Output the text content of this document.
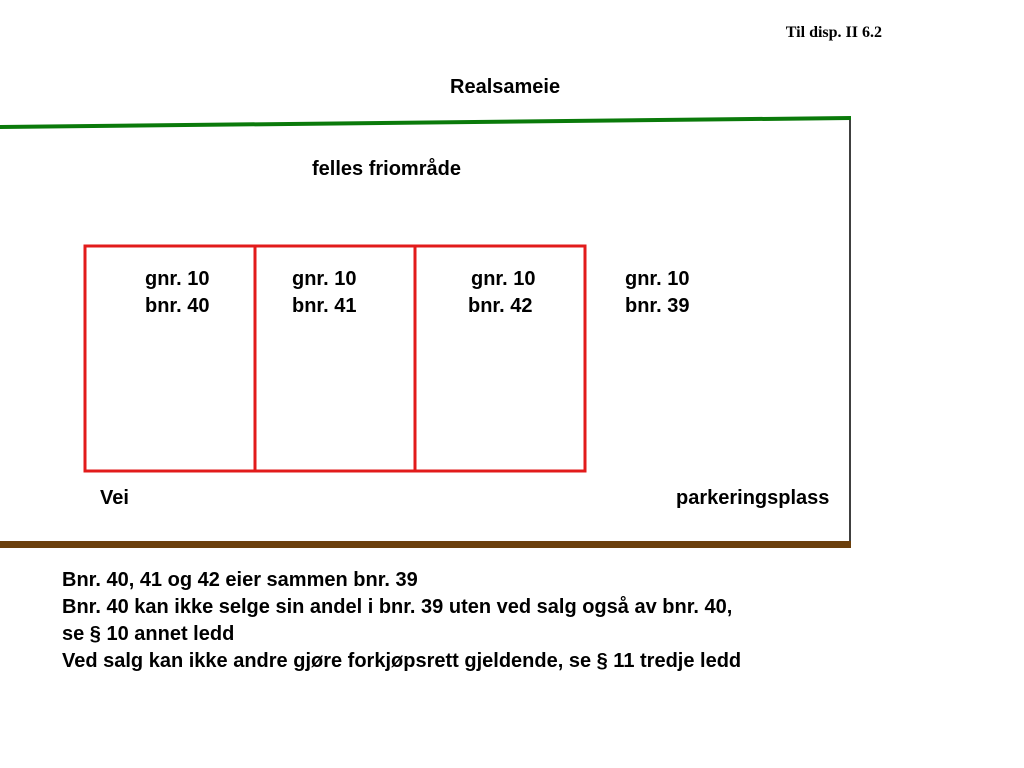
Til disp. II 6.2
Realsameie
felles friområde
gnr. 10
bnr. 40
gnr. 10
bnr. 41
gnr. 10
bnr. 42
gnr. 10
bnr. 39
Vei	parkeringsplass
Bnr. 40, 41 og 42 eier sammen bnr. 39
Bnr. 40 kan ikke selge sin andel i bnr. 39 uten ved salg også av bnr. 40,
se § 10 annet ledd
Ved salg kan ikke andre gjøre forkjøpsrett gjeldende, se § 11 tredje ledd
